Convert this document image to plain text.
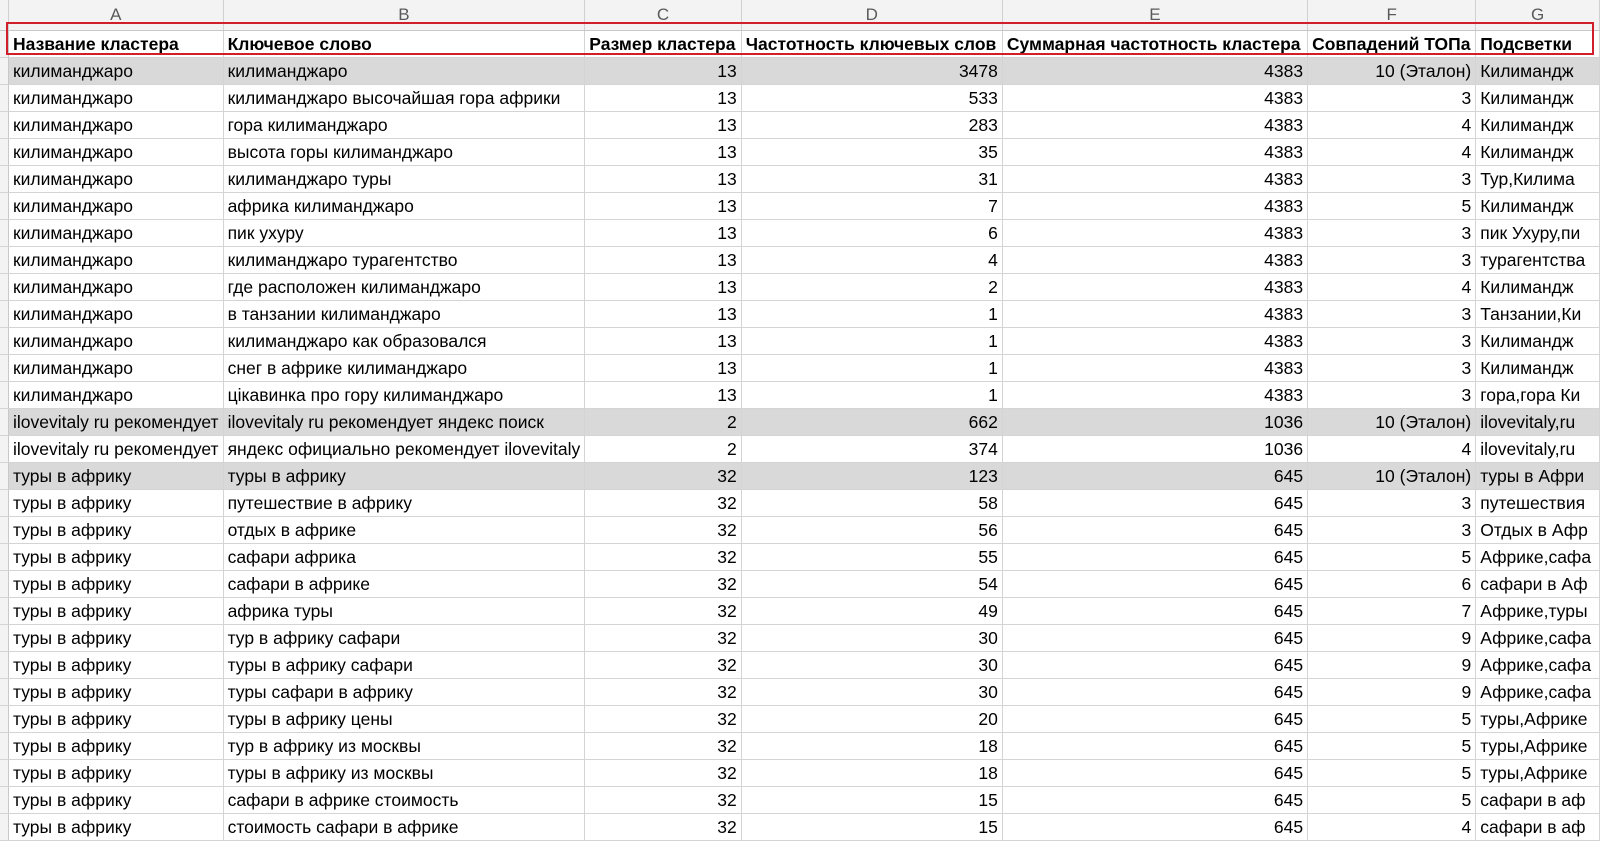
	A	B	C	D	E	F	G
	Название кластера	Ключевое слово	Размер кластера	Частотность ключевых слов	Суммарная частотность кластера	Совпадений ТОПа	Подсветки
	килиманджаро	килиманджаро	13	3478	4383	10 (Эталон)	Килимандж
	килиманджаро	килиманджаро высочайшая гора африки	13	533	4383	3	Килимандж
	килиманджаро	гора килиманджаро	13	283	4383	4	Килимандж
	килиманджаро	высота горы килиманджаро	13	35	4383	4	Килимандж
	килиманджаро	килиманджаро туры	13	31	4383	3	Тур,Килима
	килиманджаро	африка килиманджаро	13	7	4383	5	Килимандж
	килиманджаро	пик ухуру	13	6	4383	3	пик Ухуру,пи
	килиманджаро	килиманджаро турагентство	13	4	4383	3	турагентства
	килиманджаро	где расположен килиманджаро	13	2	4383	4	Килимандж
	килиманджаро	в танзании килиманджаро	13	1	4383	3	Танзании,Ки
	килиманджаро	килиманджаро как образовался	13	1	4383	3	Килимандж
	килиманджаро	снег в африке килиманджаро	13	1	4383	3	Килимандж
	килиманджаро	цікавинка про гору килиманджаро	13	1	4383	3	гора,гора Ки
	ilovevitaly ru рекомендует	ilovevitaly ru рекомендует яндекс поиск	2	662	1036	10 (Эталон)	ilovevitaly,ru
	ilovevitaly ru рекомендует	яндекс официально рекомендует ilovevitaly	2	374	1036	4	ilovevitaly,ru
	туры в африку	туры в африку	32	123	645	10 (Эталон)	туры в Афри
	туры в африку	путешествие в африку	32	58	645	3	путешествия
	туры в африку	отдых в африке	32	56	645	3	Отдых в Афр
	туры в африку	сафари африка	32	55	645	5	Африке,сафа
	туры в африку	сафари в африке	32	54	645	6	сафари в Аф
	туры в африку	африка туры	32	49	645	7	Африке,туры
	туры в африку	тур в африку сафари	32	30	645	9	Африке,сафа
	туры в африку	туры в африку сафари	32	30	645	9	Африке,сафа
	туры в африку	туры сафари в африку	32	30	645	9	Африке,сафа
	туры в африку	туры в африку цены	32	20	645	5	туры,Африке
	туры в африку	тур в африку из москвы	32	18	645	5	туры,Африке
	туры в африку	туры в африку из москвы	32	18	645	5	туры,Африке
	туры в африку	сафари в африке стоимость	32	15	645	5	сафари в аф
	туры в африку	стоимость сафари в африке	32	15	645	4	сафари в аф
